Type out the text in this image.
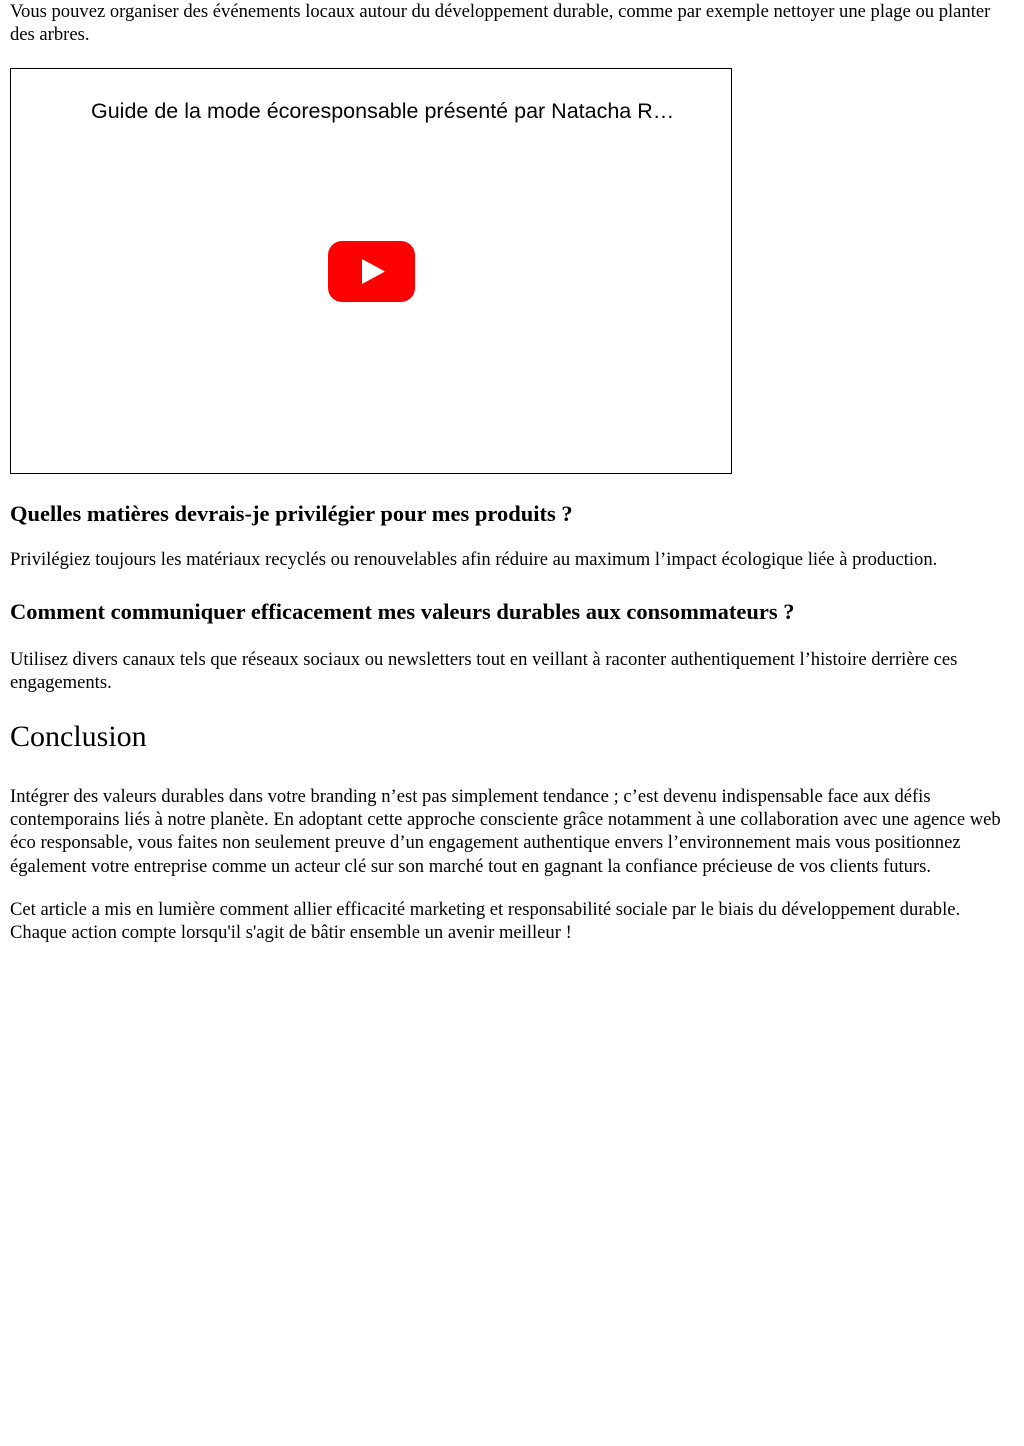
Vous pouvez organiser des événements locaux autour du développement durable, comme par exemple nettoyer une plage ou planter des arbres.

Guide de la mode écoresponsable présenté par Natacha R…
Quelles matières devrais-je privilégier pour mes produits ?

Privilégiez toujours les matériaux recyclés ou renouvelables afin réduire au maximum l’impact écologique liée à production.

Comment communiquer efficacement mes valeurs durables aux consommateurs ?

Utilisez divers canaux tels que réseaux sociaux ou newsletters tout en veillant à raconter authentiquement l’histoire derrière ces engagements.

Conclusion

Intégrer des valeurs durables dans votre branding n’est pas simplement tendance ; c’est devenu indispensable face aux défis contemporains liés à notre planète. En adoptant cette approche consciente grâce notamment à une collaboration avec une agence web éco responsable, vous faites non seulement preuve d’un engagement authentique envers l’environnement mais vous positionnez également votre entreprise comme un acteur clé sur son marché tout en gagnant la confiance précieuse de vos clients futurs.

Cet article a mis en lumière comment allier efficacité marketing et responsabilité sociale par le biais du développement durable. Chaque action compte lorsqu'il s'agit de bâtir ensemble un avenir meilleur !
